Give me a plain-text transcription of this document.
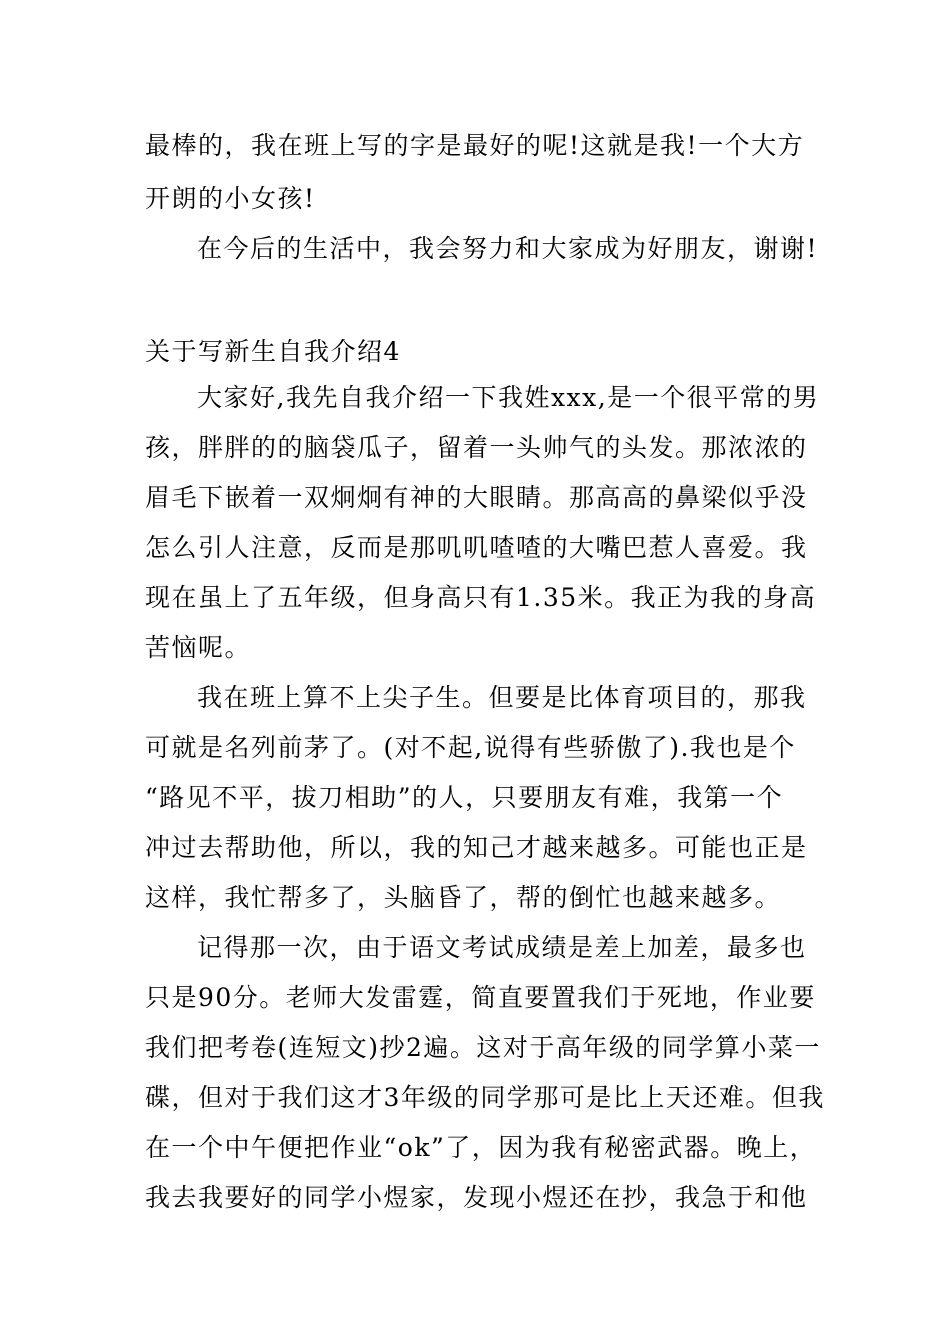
最棒的，我在班上写的字是最好的呢!这就是我!一个大方
开朗的小女孩!
在今后的生活中，我会努力和大家成为好朋友，谢谢!
关于写新生自我介绍4
大家好,我先自我介绍一下我姓xxx,是一个很平常的男
孩，胖胖的的脑袋瓜子，留着一头帅气的头发。那浓浓的
眉毛下嵌着一双炯炯有神的大眼睛。那高高的鼻梁似乎没
怎么引人注意，反而是那叽叽喳喳的大嘴巴惹人喜爱。我
现在虽上了五年级，但身高只有1.35米。我正为我的身高
苦恼呢。
我在班上算不上尖子生。但要是比体育项目的，那我
可就是名列前茅了。(对不起,说得有些骄傲了).我也是个
“路见不平，拔刀相助”的人，只要朋友有难，我第一个
冲过去帮助他，所以，我的知己才越来越多。可能也正是
这样，我忙帮多了，头脑昏了，帮的倒忙也越来越多。
记得那一次，由于语文考试成绩是差上加差，最多也
只是90分。老师大发雷霆，简直要置我们于死地，作业要
我们把考卷(连短文)抄2遍。这对于高年级的同学算小菜一
碟，但对于我们这才3年级的同学那可是比上天还难。但我
在一个中午便把作业“ok”了，因为我有秘密武器。晚上，
我去我要好的同学小煜家，发现小煜还在抄，我急于和他
